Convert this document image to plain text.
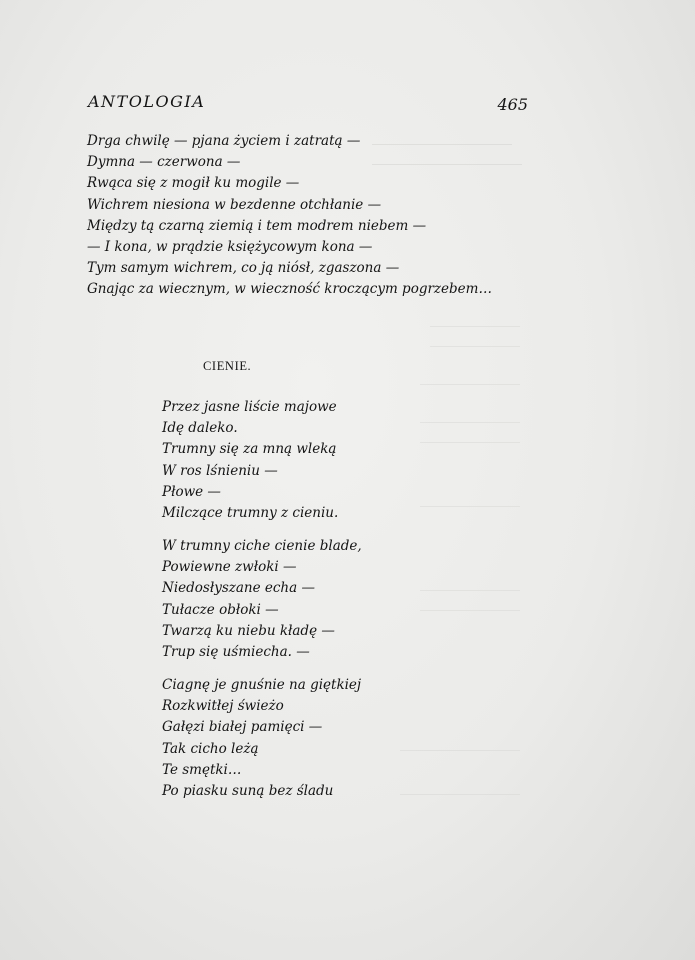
ANTOLOGIA	465
Drga chwilę — pjana życiem i zatratą —
Dymna — czerwona —
Rwąca się z mogił ku mogile —
Wichrem niesiona w bezdenne otchłanie —
Między tą czarną ziemią i tem modrem niebem —
— I kona, w prądzie księżycowym kona —
Tym samym wichrem, co ją niósł, zgaszona —
Gnając za wiecznym, w wieczność kroczącym pogrzebem…
CIENIE.
Przez jasne liście majowe
Idę daleko.
Trumny się za mną wleką
W ros lśnieniu —
Płowe —
Milczące trumny z cieniu.
W trumny ciche cienie blade,
Powiewne zwłoki —
Niedosłyszane echa —
Tułacze obłoki —
Twarzą ku niebu kładę —
Trup się uśmiecha. —
Ciagnę je gnuśnie na giętkiej
Rozkwitłej świeżo
Gałęzi białej pamięci —
Tak cicho leżą
Te smętki…
Po piasku suną bez śladu
